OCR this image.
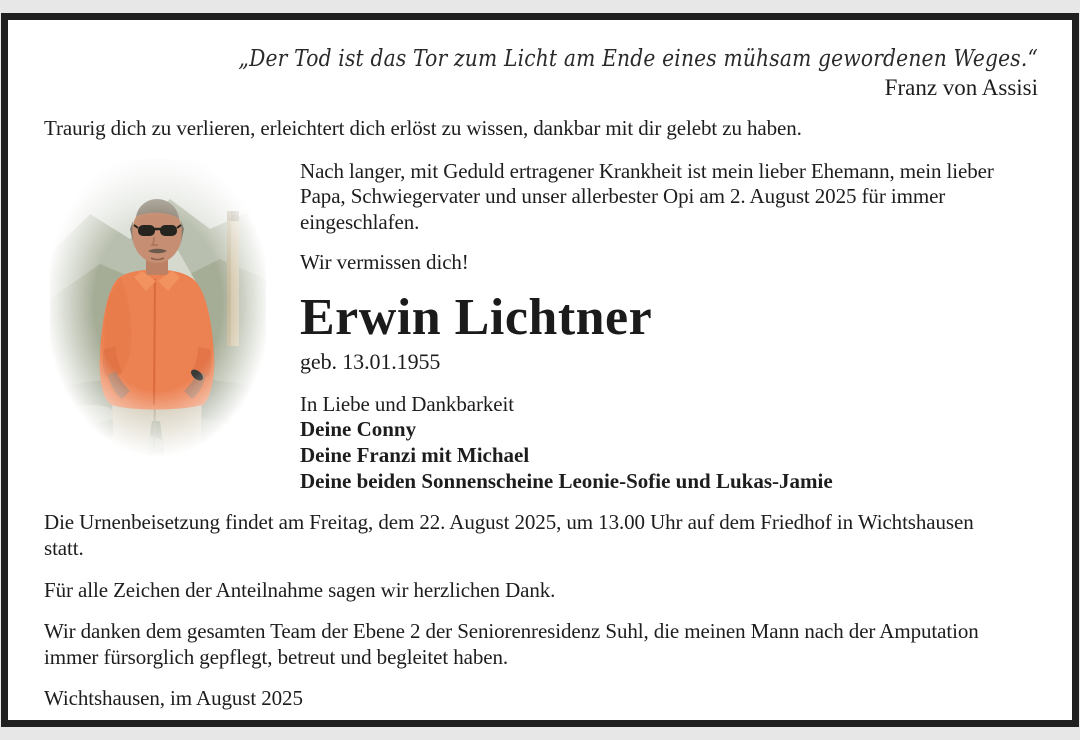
„Der Tod ist das Tor zum Licht am Ende eines mühsam gewordenen Weges.“
Franz von Assisi

Traurig dich zu verlieren, erleichtert dich erlöst zu wissen, dankbar mit dir gelebt zu haben.

Nach langer, mit Geduld ertragener Krankheit ist mein lieber Ehemann, mein lieber Papa, Schwiegervater und unser allerbester Opi am 2. August 2025 für immer eingeschlafen.

Wir vermissen dich!

Erwin Lichtner
geb. 13.01.1955

In Liebe und Dankbarkeit

Deine Conny
Deine Franzi mit Michael
Deine beiden Sonnenscheine Leonie-Sofie und Lukas-Jamie

Die Urnenbeisetzung findet am Freitag, dem 22. August 2025, um 13.00 Uhr auf dem Friedhof in Wichtshausen statt.

Für alle Zeichen der Anteilnahme sagen wir herzlichen Dank.

Wir danken dem gesamten Team der Ebene 2 der Seniorenresidenz Suhl, die meinen Mann nach der Amputation immer fürsorglich gepflegt, betreut und begleitet haben.

Wichtshausen, im August 2025
